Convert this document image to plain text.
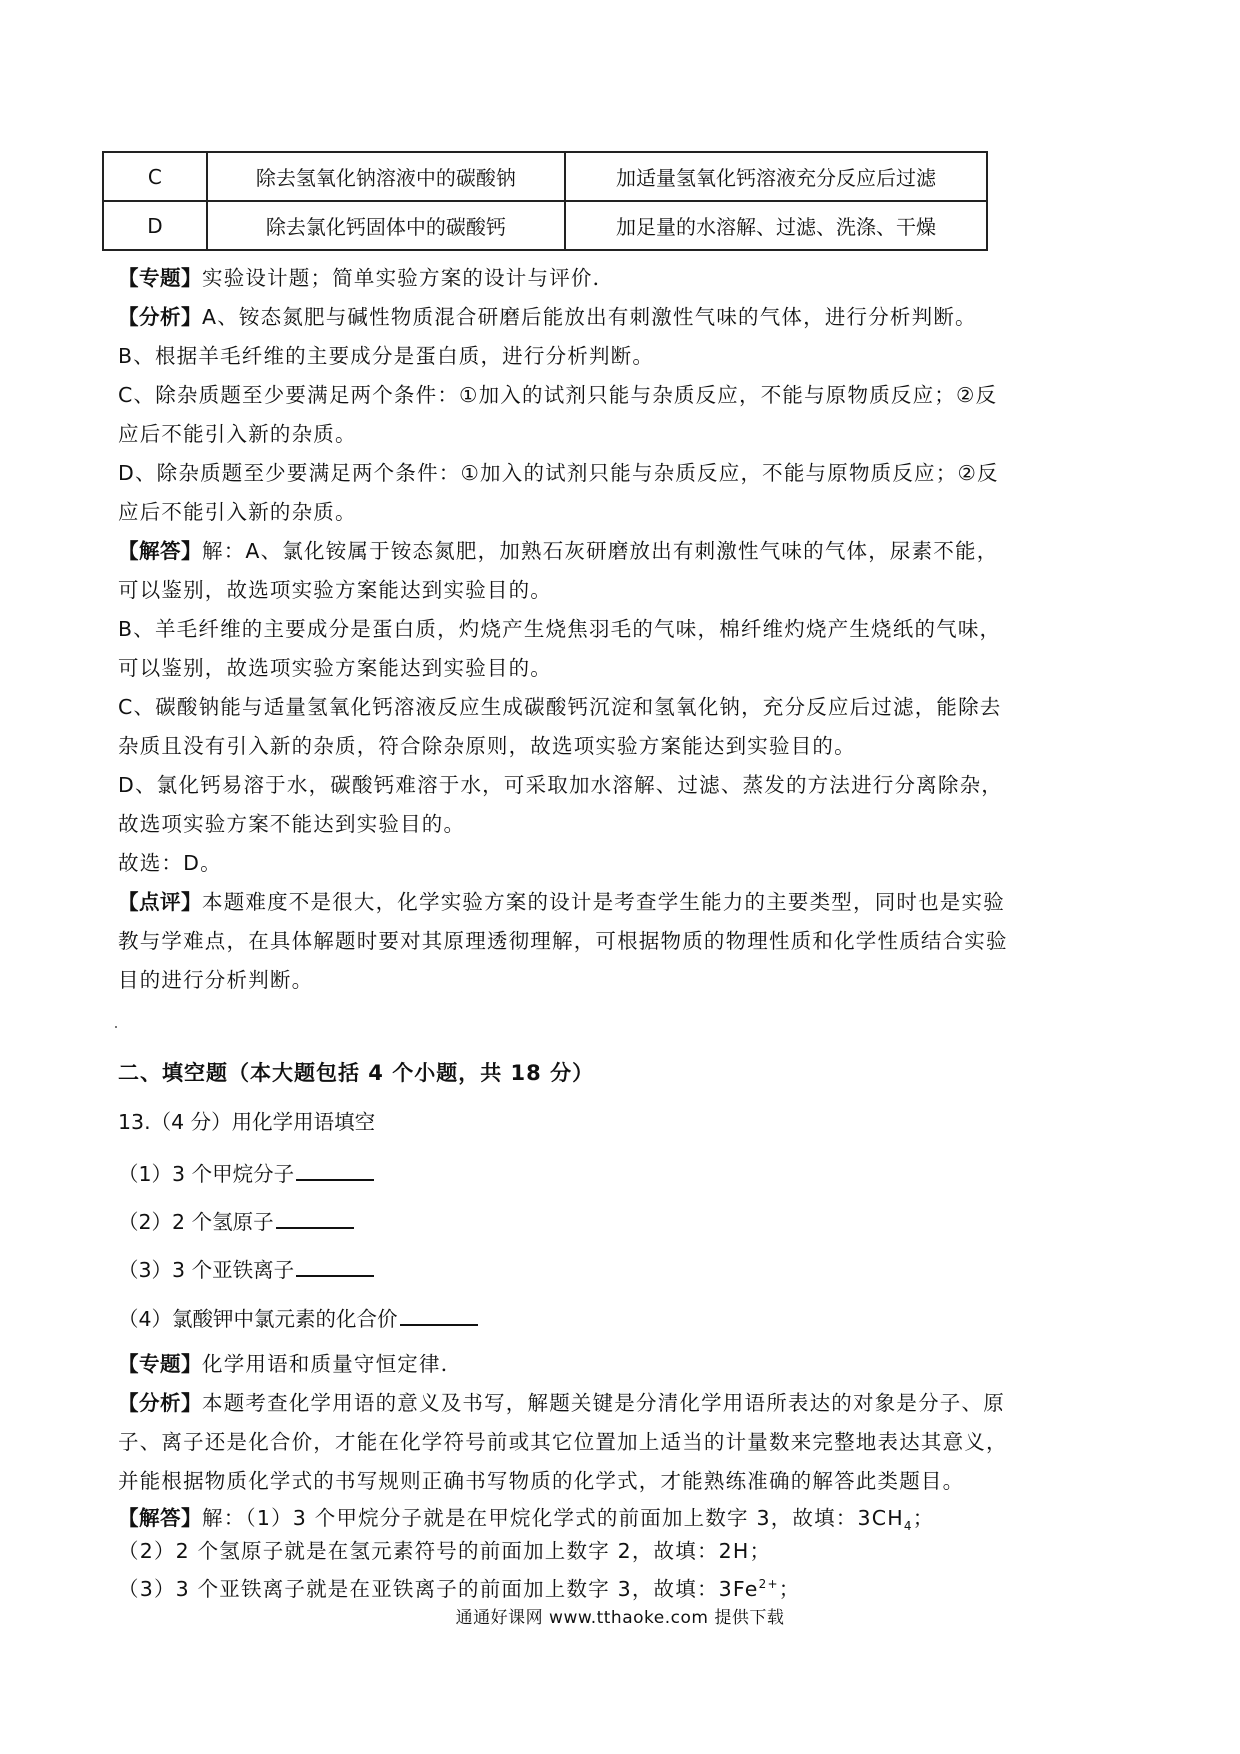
C	除去氢氧化钠溶液中的碳酸钠	加适量氢氧化钙溶液充分反应后过滤
D	除去氯化钙固体中的碳酸钙	加足量的水溶解、过滤、洗涤、干燥
【专题】实验设计题；简单实验方案的设计与评价．
【分析】A、铵态氮肥与碱性物质混合研磨后能放出有刺激性气味的气体，进行分析判断。
B、根据羊毛纤维的主要成分是蛋白质，进行分析判断。
C、除杂质题至少要满足两个条件：①加入的试剂只能与杂质反应，不能与原物质反应；②反
应后不能引入新的杂质。
D、除杂质题至少要满足两个条件：①加入的试剂只能与杂质反应，不能与原物质反应；②反
应后不能引入新的杂质。
【解答】解：A、氯化铵属于铵态氮肥，加熟石灰研磨放出有刺激性气味的气体，尿素不能，
可以鉴别，故选项实验方案能达到实验目的。
B、羊毛纤维的主要成分是蛋白质，灼烧产生烧焦羽毛的气味，棉纤维灼烧产生烧纸的气味，
可以鉴别，故选项实验方案能达到实验目的。
C、碳酸钠能与适量氢氧化钙溶液反应生成碳酸钙沉淀和氢氧化钠，充分反应后过滤，能除去
杂质且没有引入新的杂质，符合除杂原则，故选项实验方案能达到实验目的。
D、氯化钙易溶于水，碳酸钙难溶于水，可采取加水溶解、过滤、蒸发的方法进行分离除杂，
故选项实验方案不能达到实验目的。
故选：D。
【点评】本题难度不是很大，化学实验方案的设计是考查学生能力的主要类型，同时也是实验
教与学难点，在具体解题时要对其原理透彻理解，可根据物质的物理性质和化学性质结合实验
目的进行分析判断。
二、填空题（本大题包括 4 个小题，共 18 分）
13.（4 分）用化学用语填空
（1）3 个甲烷分子
（2）2 个氢原子
（3）3 个亚铁离子
（4）氯酸钾中氯元素的化合价
【专题】化学用语和质量守恒定律．
【分析】本题考查化学用语的意义及书写，解题关键是分清化学用语所表达的对象是分子、原
子、离子还是化合价，才能在化学符号前或其它位置加上适当的计量数来完整地表达其意义，
并能根据物质化学式的书写规则正确书写物质的化学式，才能熟练准确的解答此类题目。
【解答】解：（1）3 个甲烷分子就是在甲烷化学式的前面加上数字 3，故填：$3CH_4$；
（2）2 个氢原子就是在氢元素符号的前面加上数字 2，故填：2H；
（3）3 个亚铁离子就是在亚铁离子的前面加上数字 3，故填：$3Fe^{2+}$；
通通好课网 www.tthaoke.com 提供下载
